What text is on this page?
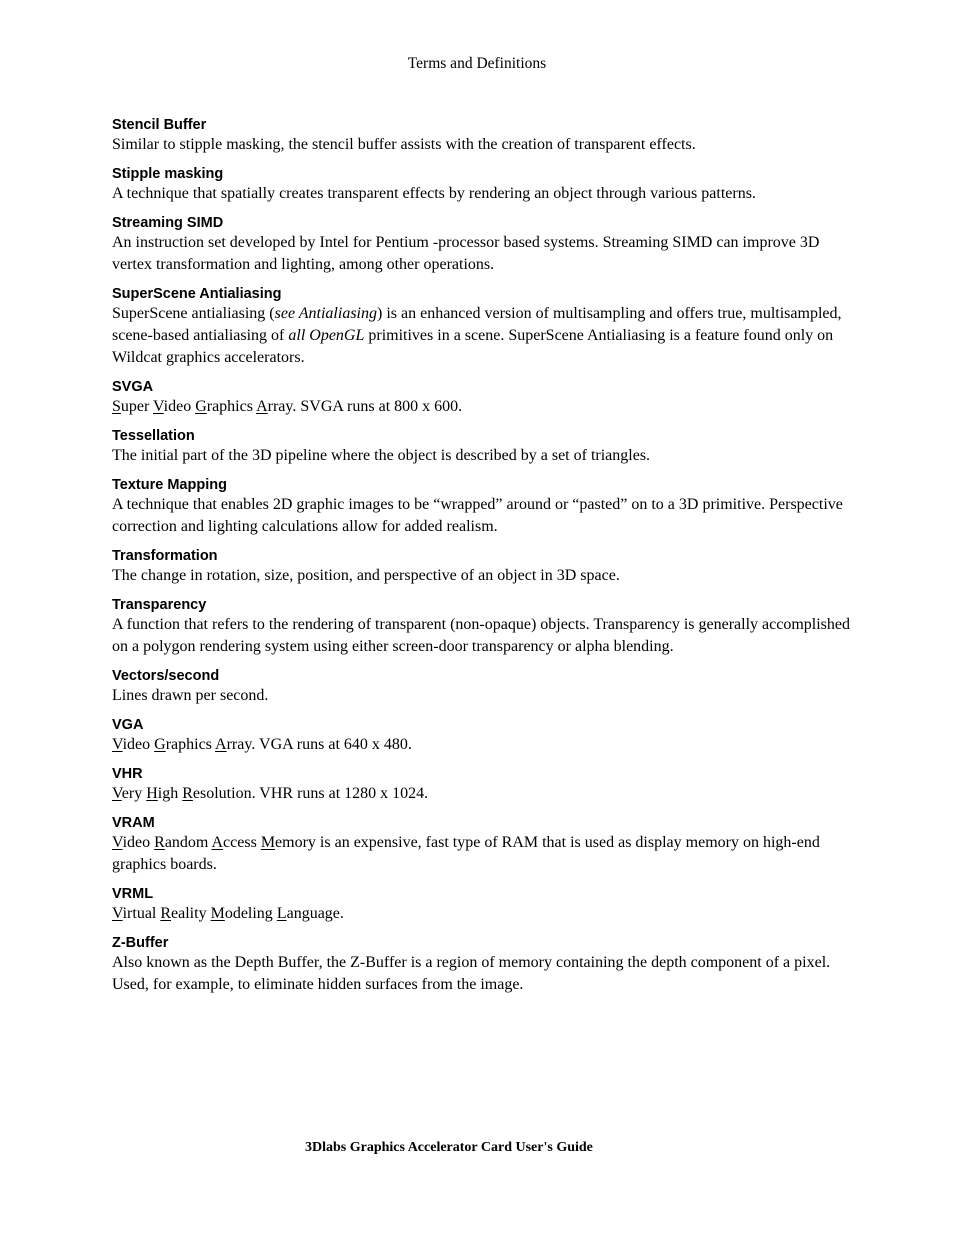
Terms and Definitions
Stencil Buffer
Similar to stipple masking, the stencil buffer assists with the creation of transparent effects.
Stipple masking
A technique that spatially creates transparent effects by rendering an object through various patterns.
Streaming SIMD
An instruction set developed by Intel for Pentium -processor based systems. Streaming SIMD can improve 3D vertex transformation and lighting, among other operations.
SuperScene Antialiasing
SuperScene antialiasing (see Antialiasing) is an enhanced version of multisampling and offers true, multisampled, scene-based antialiasing of all OpenGL primitives in a scene. SuperScene Antialiasing is a feature found only on Wildcat graphics accelerators.
SVGA
Super Video Graphics Array. SVGA runs at 800 x 600.
Tessellation
The initial part of the 3D pipeline where the object is described by a set of triangles.
Texture Mapping
A technique that enables 2D graphic images to be “wrapped” around or “pasted” on to a 3D primitive. Perspective correction and lighting calculations allow for added realism.
Transformation
The change in rotation, size, position, and perspective of an object in 3D space.
Transparency
A function that refers to the rendering of transparent (non-opaque) objects. Transparency is generally accomplished on a polygon rendering system using either screen-door transparency or alpha blending.
Vectors/second
Lines drawn per second.
VGA
Video Graphics Array. VGA runs at 640 x 480.
VHR
Very High Resolution. VHR runs at 1280 x 1024.
VRAM
Video Random Access Memory is an expensive, fast type of RAM that is used as display memory on high-end graphics boards.
VRML
Virtual Reality Modeling Language.
Z-Buffer
Also known as the Depth Buffer, the Z-Buffer is a region of memory containing the depth component of a pixel. Used, for example, to eliminate hidden surfaces from the image.
3Dlabs Graphics Accelerator Card User's Guide
